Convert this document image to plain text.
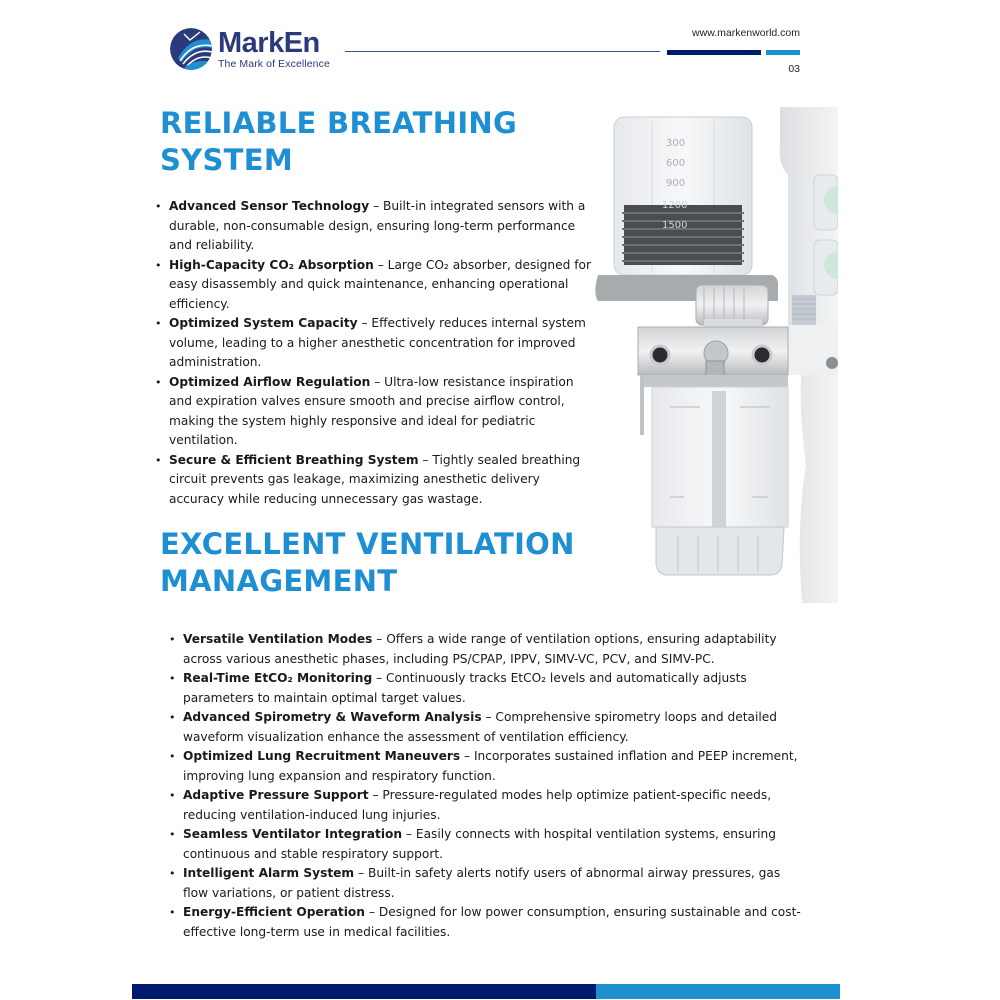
MarkEn
The Mark of Excellence
www.markenworld.com
03
RELIABLE BREATHING SYSTEM
• Advanced Sensor Technology – Built-in integrated sensors with a durable, non-consumable design, ensuring long-term performance and reliability.
• High-Capacity CO₂ Absorption – Large CO₂ absorber, designed for easy disassembly and quick maintenance, enhancing operational efficiency.
• Optimized System Capacity – Effectively reduces internal system volume, leading to a higher anesthetic concentration for improved administration.
• Optimized Airflow Regulation – Ultra-low resistance inspiration and expiration valves ensure smooth and precise airflow control, making the system highly responsive and ideal for pediatric ventilation.
• Secure & Efficient Breathing System – Tightly sealed breathing circuit prevents gas leakage, maximizing anesthetic delivery accuracy while reducing unnecessary gas wastage.
300
600
900
1200
1500
EXCELLENT VENTILATION MANAGEMENT
• Versatile Ventilation Modes – Offers a wide range of ventilation options, ensuring adaptability across various anesthetic phases, including PS/CPAP, IPPV, SIMV-VC, PCV, and SIMV-PC.
• Real-Time EtCO₂ Monitoring – Continuously tracks EtCO₂ levels and automatically adjusts parameters to maintain optimal target values.
• Advanced Spirometry & Waveform Analysis – Comprehensive spirometry loops and detailed waveform visualization enhance the assessment of ventilation efficiency.
• Optimized Lung Recruitment Maneuvers – Incorporates sustained inflation and PEEP increment, improving lung expansion and respiratory function.
• Adaptive Pressure Support – Pressure-regulated modes help optimize patient-specific needs, reducing ventilation-induced lung injuries.
• Seamless Ventilator Integration – Easily connects with hospital ventilation systems, ensuring continuous and stable respiratory support.
• Intelligent Alarm System – Built-in safety alerts notify users of abnormal airway pressures, gas flow variations, or patient distress.
• Energy-Efficient Operation – Designed for low power consumption, ensuring sustainable and cost-effective long-term use in medical facilities.
